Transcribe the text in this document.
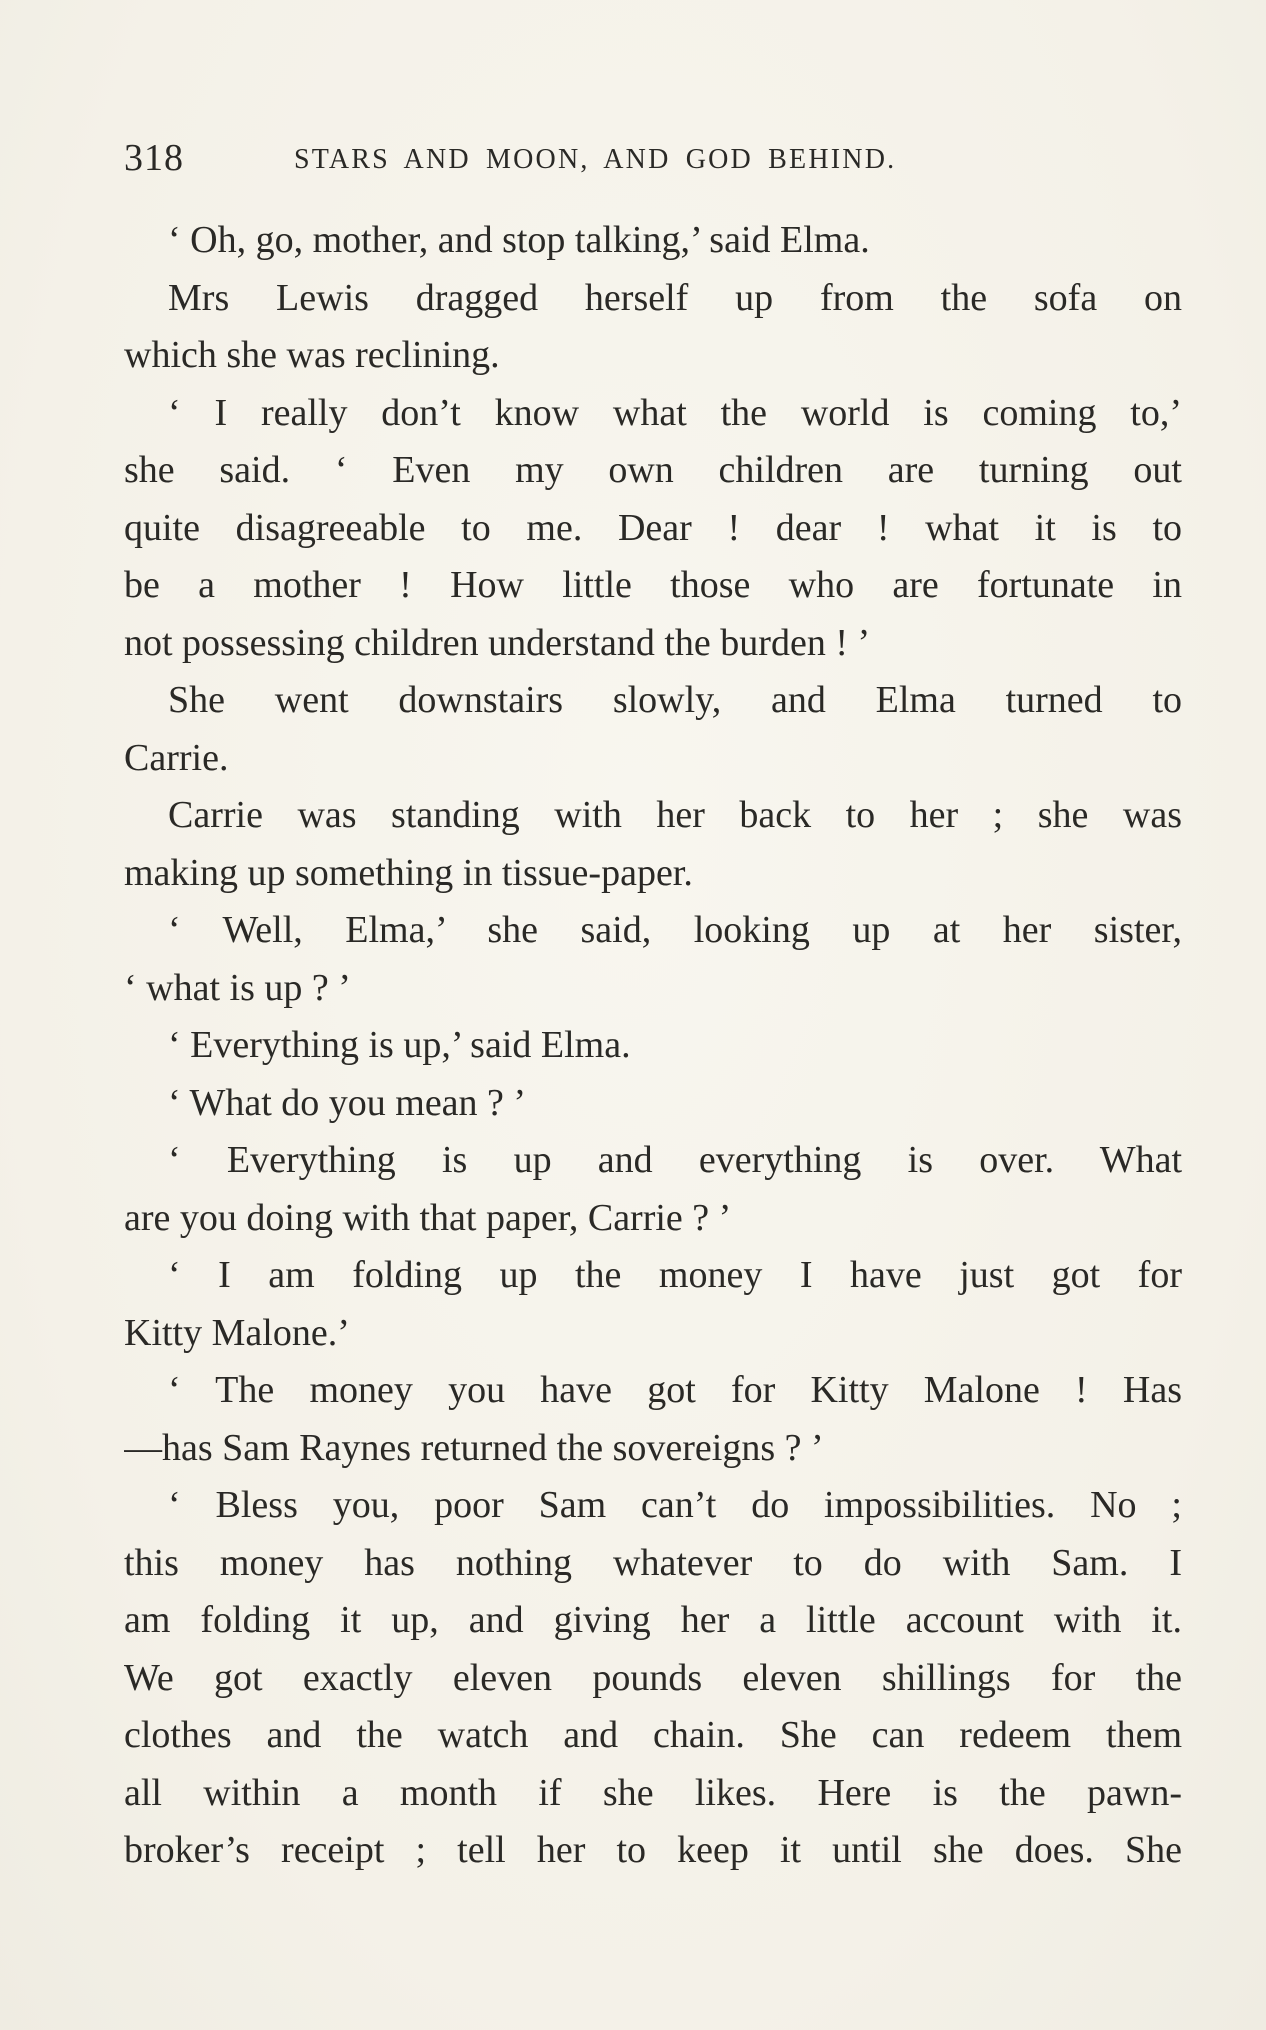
318	STARS AND MOON, AND GOD BEHIND.
‘ Oh, go, mother, and stop talking,’ said Elma.
Mrs Lewis dragged herself up from the sofa on
which she was reclining.
‘ I really don’t know what the world is coming to,’
she said. ‘ Even my own children are turning out
quite disagreeable to me. Dear ! dear ! what it is to
be a mother ! How little those who are fortunate in
not possessing children understand the burden ! ’
She went downstairs slowly, and Elma turned to
Carrie.
Carrie was standing with her back to her ; she was
making up something in tissue-paper.
‘ Well, Elma,’ she said, looking up at her sister,
‘ what is up ? ’
‘ Everything is up,’ said Elma.
‘ What do you mean ? ’
‘ Everything is up and everything is over. What
are you doing with that paper, Carrie ? ’
‘ I am folding up the money I have just got for
Kitty Malone.’
‘ The money you have got for Kitty Malone ! Has
—has Sam Raynes returned the sovereigns ? ’
‘ Bless you, poor Sam can’t do impossibilities. No ;
this money has nothing whatever to do with Sam. I
am folding it up, and giving her a little account with it.
We got exactly eleven pounds eleven shillings for the
clothes and the watch and chain. She can redeem them
all within a month if she likes. Here is the pawn-
broker’s receipt ; tell her to keep it until she does. She
